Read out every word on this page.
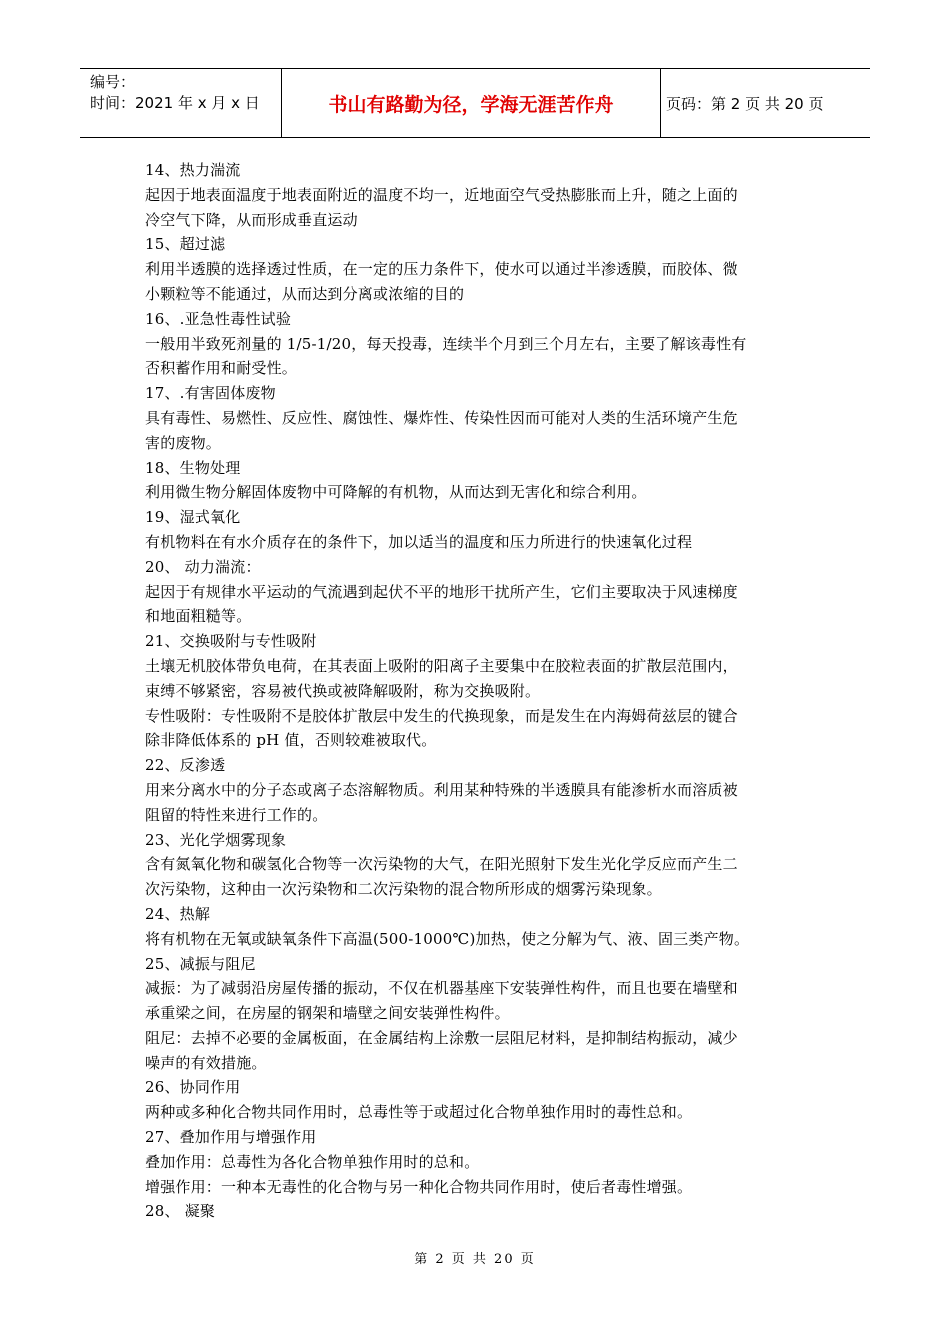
编号：
时间：2021 年 x 月 x 日	书山有路勤为径，学海无涯苦作舟	页码：第 2 页 共 20 页
14、热力湍流
起因于地表面温度于地表面附近的温度不均一，近地面空气受热膨胀而上升，随之上面的
冷空气下降，从而形成垂直运动
15、超过滤
利用半透膜的选择透过性质，在一定的压力条件下，使水可以通过半渗透膜，而胶体、微
小颗粒等不能通过，从而达到分离或浓缩的目的
16、.亚急性毒性试验
一般用半致死剂量的 1/5-1/20，每天投毒，连续半个月到三个月左右，主要了解该毒性有
否积蓄作用和耐受性。
17、.有害固体废物
具有毒性、易燃性、反应性、腐蚀性、爆炸性、传染性因而可能对人类的生活环境产生危
害的废物。
18、生物处理
利用微生物分解固体废物中可降解的有机物，从而达到无害化和综合利用。
19、湿式氧化
有机物料在有水介质存在的条件下，加以适当的温度和压力所进行的快速氧化过程
20、 动力湍流：
起因于有规律水平运动的气流遇到起伏不平的地形干扰所产生，它们主要取决于风速梯度
和地面粗糙等。
21、交换吸附与专性吸附
土壤无机胶体带负电荷，在其表面上吸附的阳离子主要集中在胶粒表面的扩散层范围内，
束缚不够紧密，容易被代换或被降解吸附，称为交换吸附。
专性吸附：专性吸附不是胶体扩散层中发生的代换现象，而是发生在内海姆荷兹层的键合
除非降低体系的 pH 值，否则较难被取代。
22、反渗透
用来分离水中的分子态或离子态溶解物质。利用某种特殊的半透膜具有能渗析水而溶质被
阻留的特性来进行工作的。
23、光化学烟雾现象
含有氮氧化物和碳氢化合物等一次污染物的大气，在阳光照射下发生光化学反应而产生二
次污染物，这种由一次污染物和二次污染物的混合物所形成的烟雾污染现象。
24、热解
将有机物在无氧或缺氧条件下高温(500-1000℃)加热，使之分解为气、液、固三类产物。
25、减振与阻尼
减振：为了减弱沿房屋传播的振动，不仅在机器基座下安装弹性构件，而且也要在墙壁和
承重梁之间，在房屋的钢架和墙壁之间安装弹性构件。
阻尼：去掉不必要的金属板面，在金属结构上涂敷一层阻尼材料，是抑制结构振动，减少
噪声的有效措施。
26、协同作用
两种或多种化合物共同作用时，总毒性等于或超过化合物单独作用时的毒性总和。
27、叠加作用与增强作用
叠加作用：总毒性为各化合物单独作用时的总和。
增强作用：一种本无毒性的化合物与另一种化合物共同作用时，使后者毒性增强。
28、 凝聚
第 2 页 共 20 页
